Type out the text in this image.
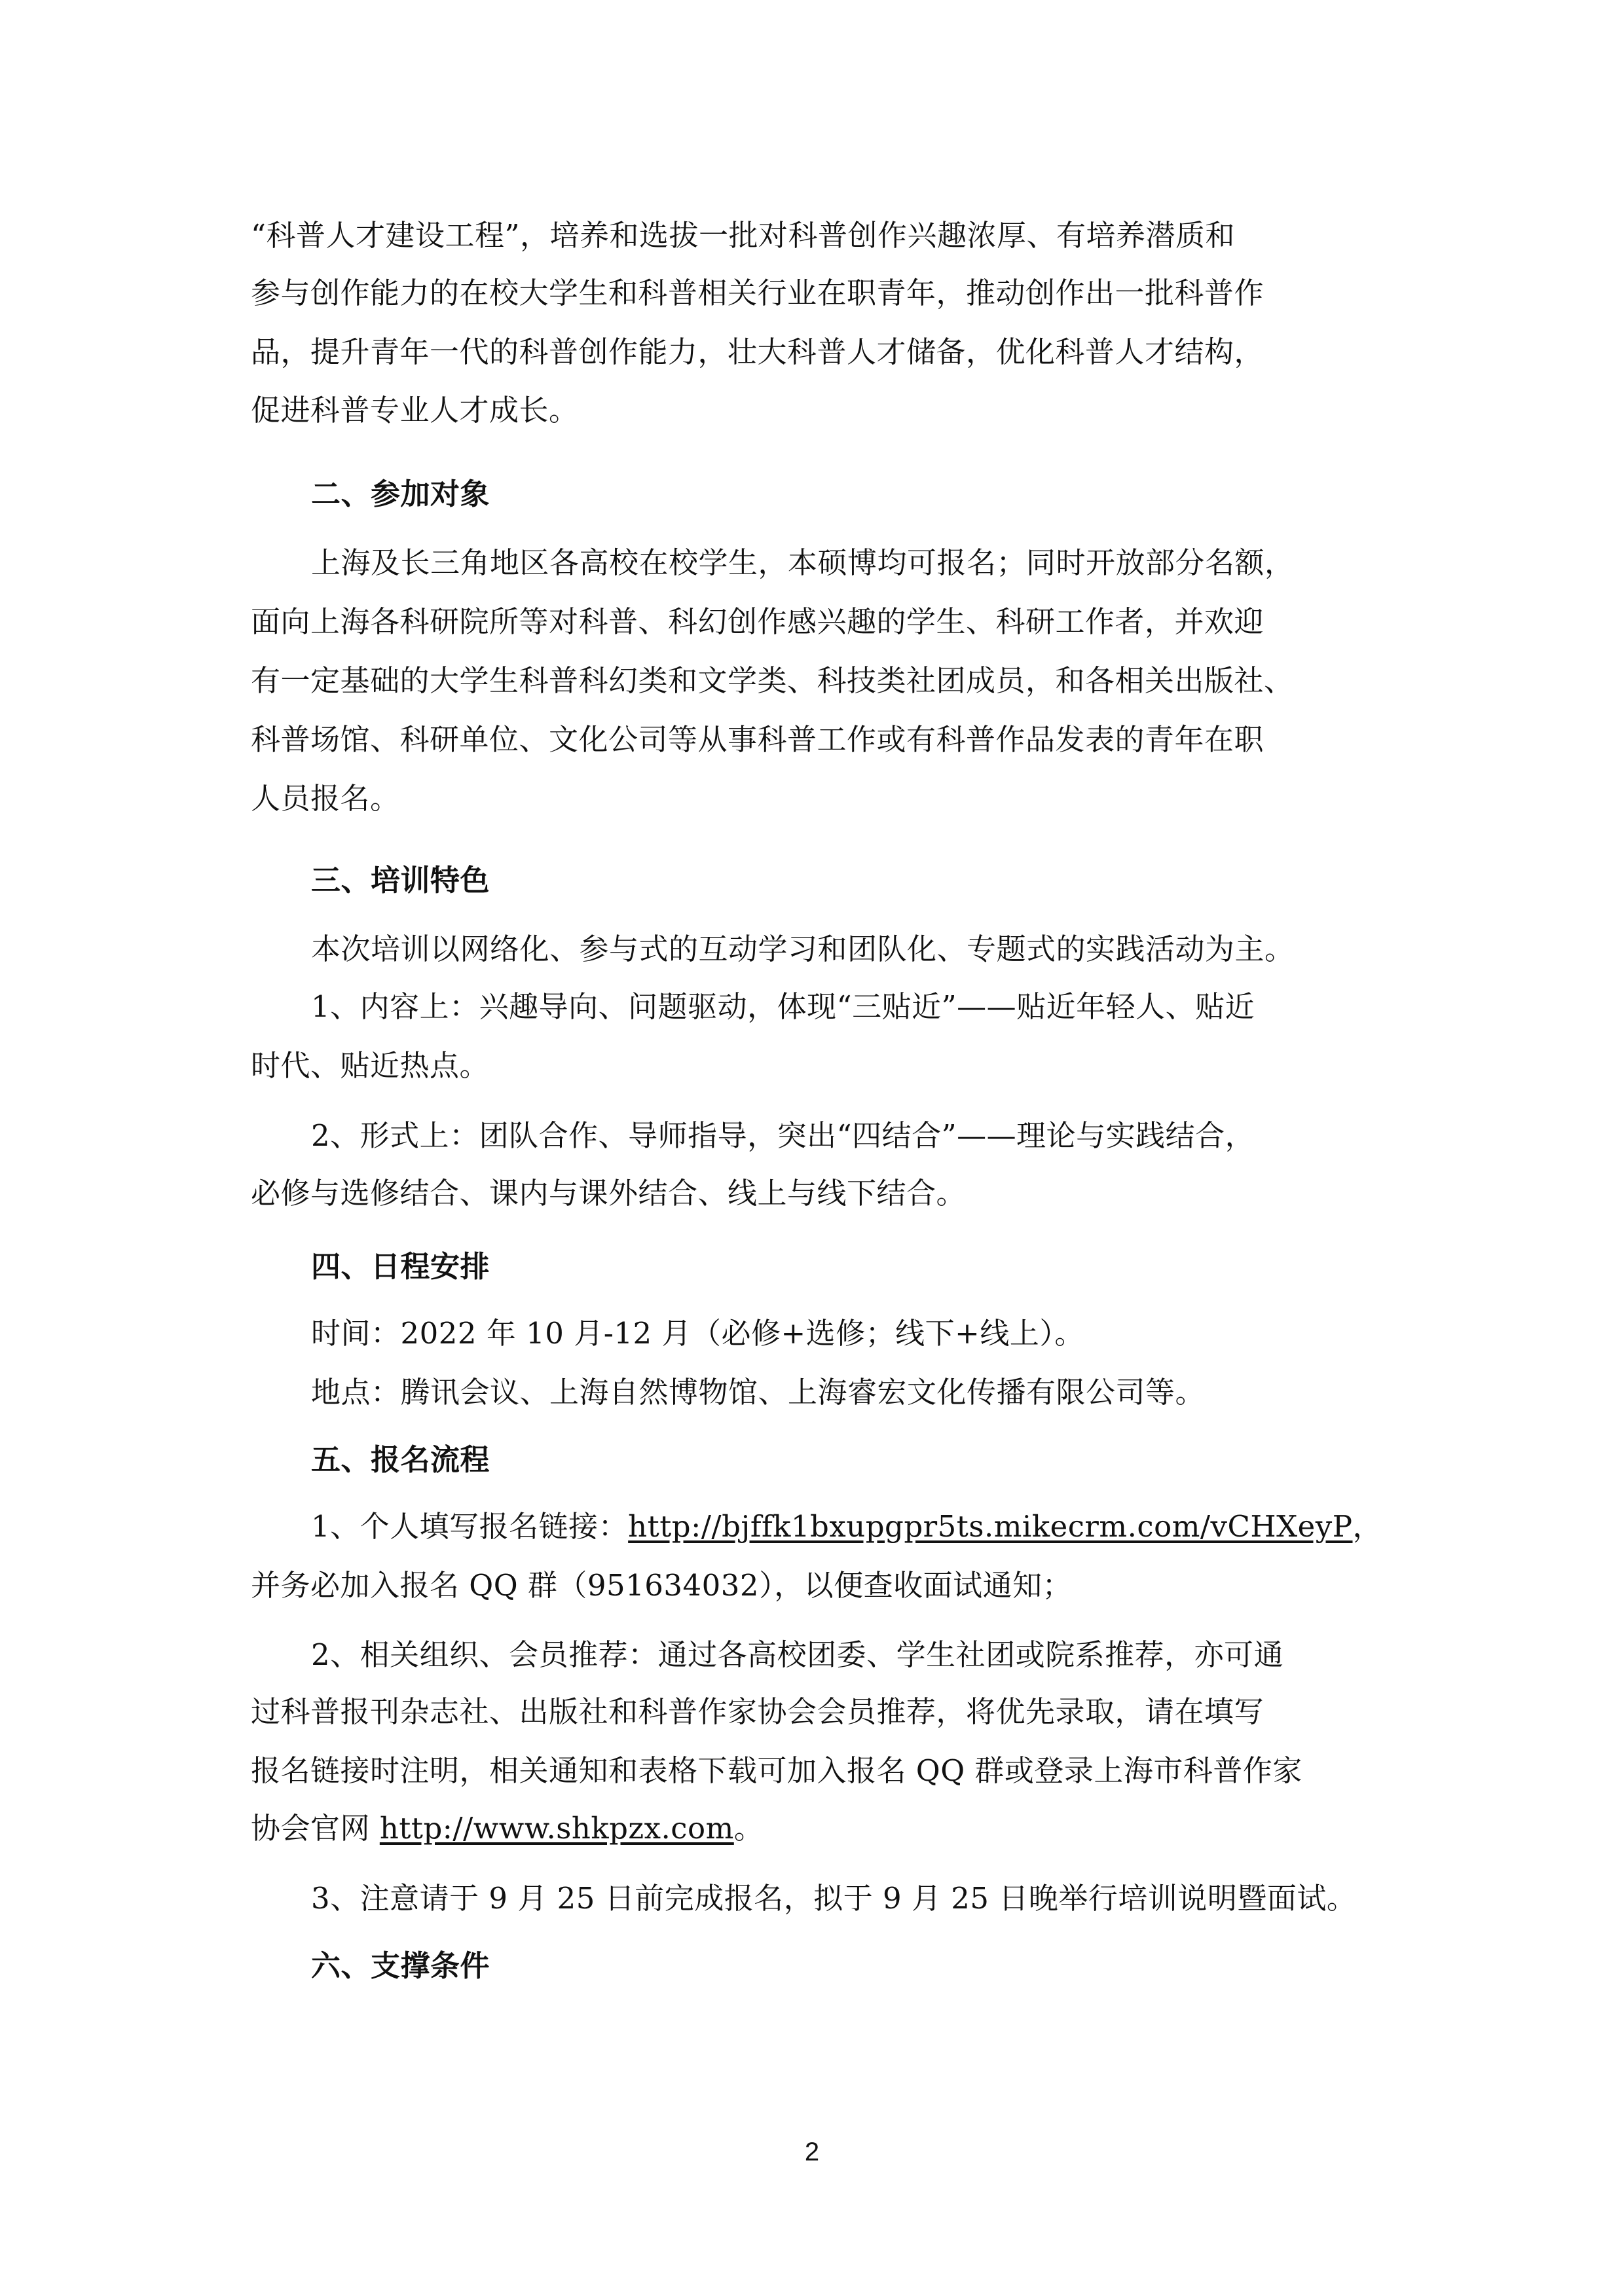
“科普人才建设工程”，培养和选拔一批对科普创作兴趣浓厚、有培养潜质和
参与创作能力的在校大学生和科普相关行业在职青年，推动创作出一批科普作
品，提升青年一代的科普创作能力，壮大科普人才储备，优化科普人才结构，
促进科普专业人才成长。
二、参加对象
上海及长三角地区各高校在校学生，本硕博均可报名；同时开放部分名额，
面向上海各科研院所等对科普、科幻创作感兴趣的学生、科研工作者，并欢迎
有一定基础的大学生科普科幻类和文学类、科技类社团成员，和各相关出版社、
科普场馆、科研单位、文化公司等从事科普工作或有科普作品发表的青年在职
人员报名。
三、培训特色
本次培训以网络化、参与式的互动学习和团队化、专题式的实践活动为主。
1、内容上：兴趣导向、问题驱动，体现“三贴近”——贴近年轻人、贴近
时代、贴近热点。
2、形式上：团队合作、导师指导，突出“四结合”——理论与实践结合，
必修与选修结合、课内与课外结合、线上与线下结合。
四、日程安排
时间：2022 年 10 月-12 月（必修+选修；线下+线上）。
地点：腾讯会议、上海自然博物馆、上海睿宏文化传播有限公司等。
五、报名流程
1、个人填写报名链接：http://bjffk1bxupgpr5ts.mikecrm.com/vCHXeyP，
并务必加入报名 QQ 群（951634032），以便查收面试通知；
2、相关组织、会员推荐：通过各高校团委、学生社团或院系推荐，亦可通
过科普报刊杂志社、出版社和科普作家协会会员推荐，将优先录取，请在填写
报名链接时注明，相关通知和表格下载可加入报名 QQ 群或登录上海市科普作家
协会官网 http://www.shkpzx.com。
3、注意请于 9 月 25 日前完成报名，拟于 9 月 25 日晚举行培训说明暨面试。
六、支撑条件
2
